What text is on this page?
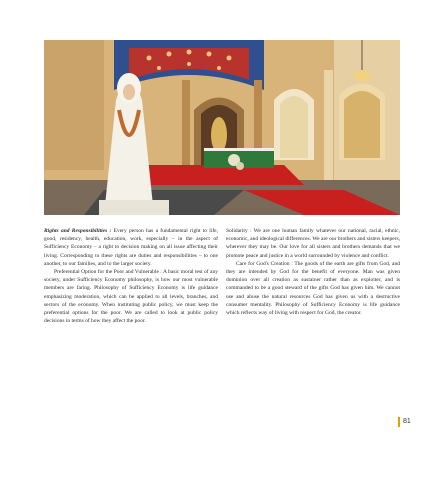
Rights and Responsibilities : Every person has a fundamental right to life, good, residency, health, education, work, especially – in the aspect of Sufficiency Economy – a right to decision making on all issue affecting their living. Corresponding to these rights are duties and responsibilities – to one another, to our families, and to the larger society.

Preferential Option for the Poor and Vulnerable : A basic moral test of any society, under Sufficiency Economy philosophy, is how our most vulnerable members are faring. Philosophy of Sufficiency Economy is life guidance emphasizing moderation, which can be applied to all levels, branches, and sectors of the economy. When instituting public policy, we must keep the preferential options for the poor. We are called to look at public policy decisions in terms of how they affect the poor.

Solidarity : We are one human family whatever our national, racial, ethnic, economic, and ideological differences. We are our brothers and sisters keepers, wherever they may be. Our love for all sisters and brothers demands that we promote peace and justice in a world surrounded by violence and conflict.

Care for God's Creation : The goods of the earth are gifts from God, and they are intended by God for the benefit of everyone. Man was given dominion over all creation as sustainer rather than as exploiter, and is commanded to be a good steward of the gifts God has given him. We cannot use and abuse the natural resources God has given us with a destructive consumer mentality. Philosophy of Sufficiency Economy is life guidance which reflects way of living with respect for God, the creator.

81
